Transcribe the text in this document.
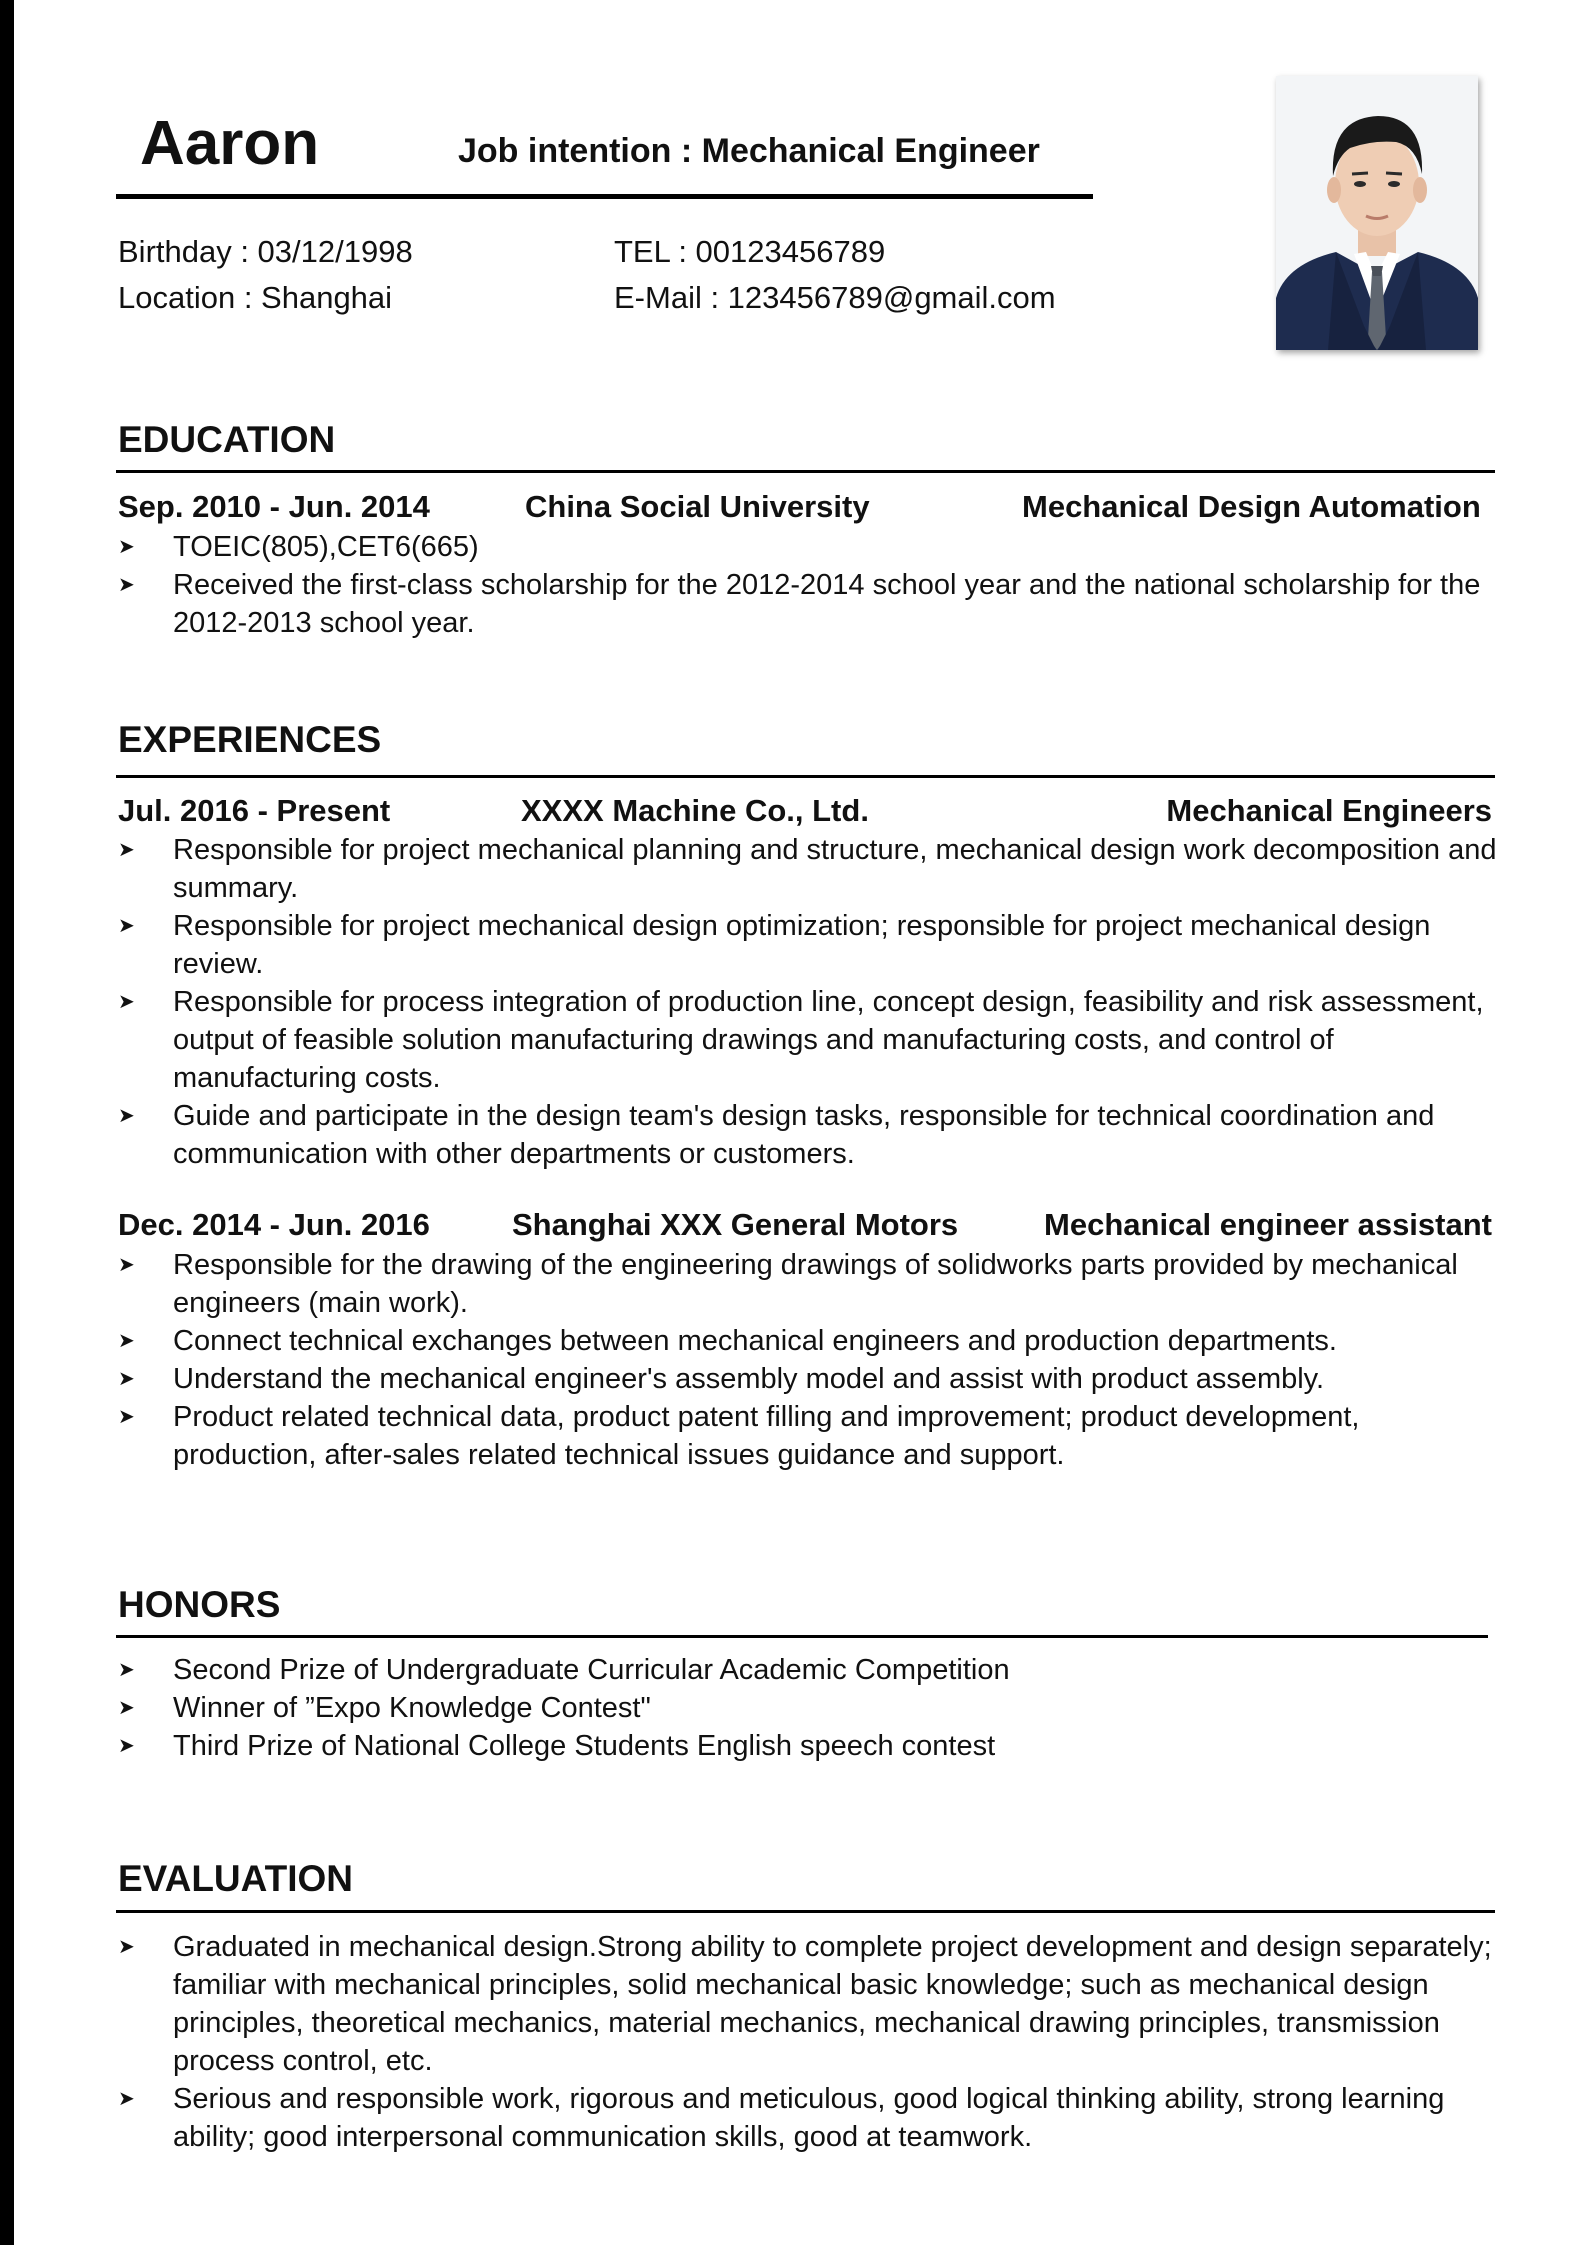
Aaron	Job intention : Mechanical Engineer
Birthday : 03/12/1998
Location : Shanghai
TEL : 00123456789
E-Mail : 123456789@gmail.com
EDUCATION
Sep. 2010 - Jun. 2014	China Social University	Mechanical Design Automation
➤ TOEIC(805),CET6(665)
➤ Received the first-class scholarship for the 2012-2014 school year and the national scholarship for the 2012-2013 school year.
EXPERIENCES
Jul. 2016 - Present	XXXX Machine Co., Ltd.	Mechanical Engineers
➤ Responsible for project mechanical planning and structure, mechanical design work decomposition and summary.
➤ Responsible for project mechanical design optimization; responsible for project mechanical design review.
➤ Responsible for process integration of production line, concept design, feasibility and risk assessment, output of feasible solution manufacturing drawings and manufacturing costs, and control of manufacturing costs.
➤ Guide and participate in the design team's design tasks, responsible for technical coordination and communication with other departments or customers.
Dec. 2014 - Jun. 2016	Shanghai XXX General Motors	Mechanical engineer assistant
➤ Responsible for the drawing of the engineering drawings of solidworks parts provided by mechanical engineers (main work).
➤ Connect technical exchanges between mechanical engineers and production departments.
➤ Understand the mechanical engineer's assembly model and assist with product assembly.
➤ Product related technical data, product patent filling and improvement; product development, production, after-sales related technical issues guidance and support.
HONORS
➤ Second Prize of Undergraduate Curricular Academic Competition
➤ Winner of ”Expo Knowledge Contest"
➤ Third Prize of National College Students English speech contest
EVALUATION
➤ Graduated in mechanical design.Strong ability to complete project development and design separately; familiar with mechanical principles, solid mechanical basic knowledge; such as mechanical design principles, theoretical mechanics, material mechanics, mechanical drawing principles, transmission process control, etc.
➤ Serious and responsible work, rigorous and meticulous, good logical thinking ability, strong learning ability; good interpersonal communication skills, good at teamwork.
